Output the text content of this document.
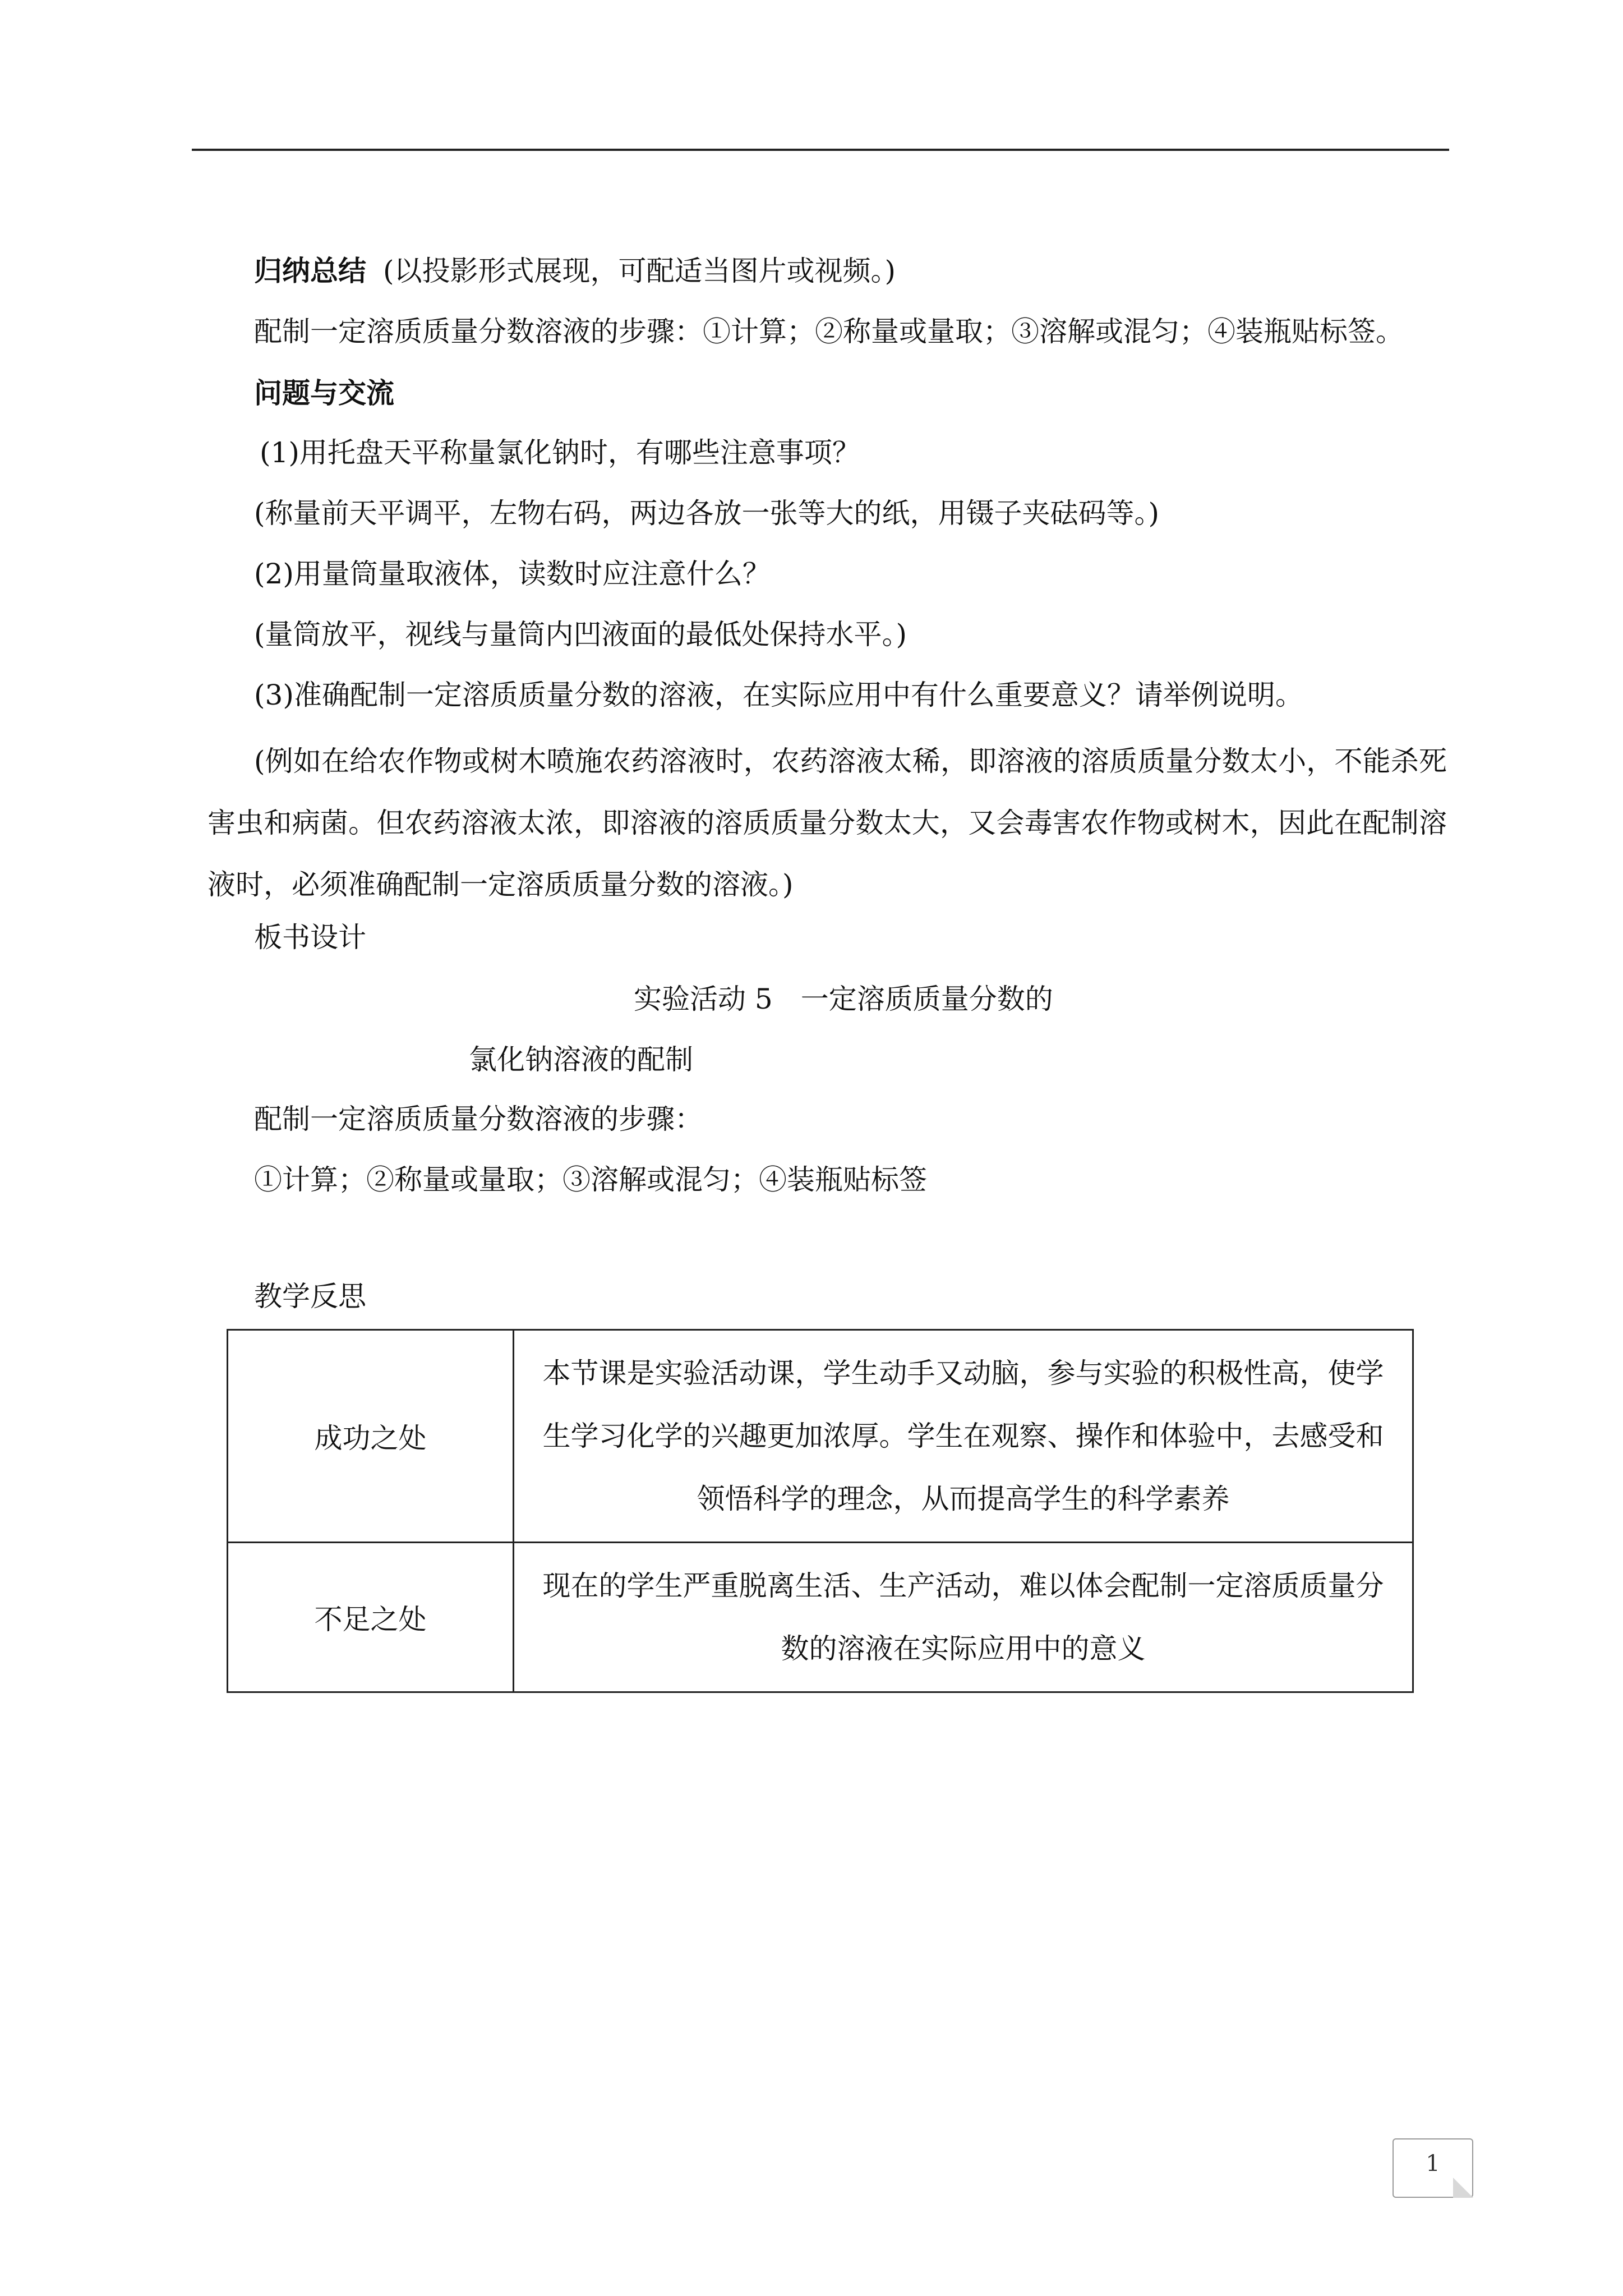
归纳总结 (以投影形式展现，可配适当图片或视频。)
配制一定溶质质量分数溶液的步骤：①计算；②称量或量取；③溶解或混匀；④装瓶贴标签。
问题与交流
(1)用托盘天平称量氯化钠时，有哪些注意事项？
(称量前天平调平，左物右码，两边各放一张等大的纸，用镊子夹砝码等。)
(2)用量筒量取液体，读数时应注意什么？
(量筒放平，视线与量筒内凹液面的最低处保持水平。)
(3)准确配制一定溶质质量分数的溶液，在实际应用中有什么重要意义？请举例说明。
(例如在给农作物或树木喷施农药溶液时，农药溶液太稀，即溶液的溶质质量分数太小，不能杀死害虫和病菌。但农药溶液太浓，即溶液的溶质质量分数太大，又会毒害农作物或树木，因此在配制溶液时，必须准确配制一定溶质质量分数的溶液。)
板书设计
实验活动 5　一定溶质质量分数的
氯化钠溶液的配制
配制一定溶质质量分数溶液的步骤：
①计算；②称量或量取；③溶解或混匀；④装瓶贴标签
教学反思
成功之处	本节课是实验活动课，学生动手又动脑，参与实验的积极性高，使学生学习化学的兴趣更加浓厚。学生在观察、操作和体验中，去感受和领悟科学的理念，从而提高学生的科学素养
不足之处	现在的学生严重脱离生活、生产活动，难以体会配制一定溶质质量分数的溶液在实际应用中的意义
1
